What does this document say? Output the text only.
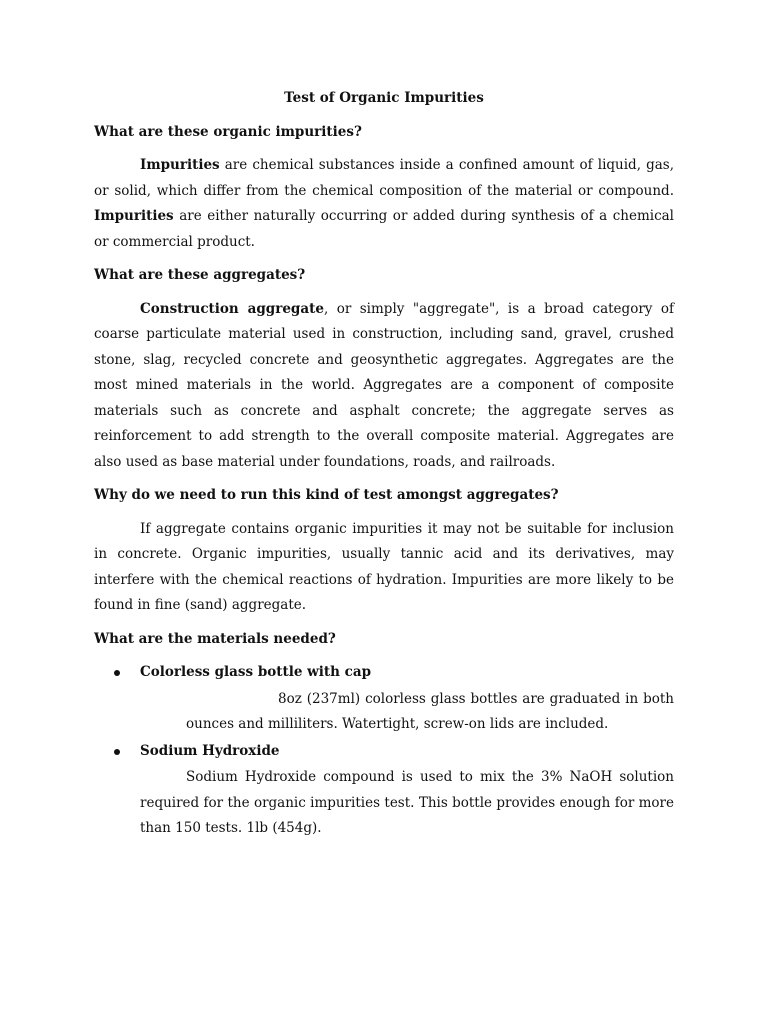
Test of Organic Impurities
What are these organic impurities?

Impurities are chemical substances inside a confined amount of liquid, gas, or solid, which differ from the chemical composition of the material or compound. Impurities are either naturally occurring or added during synthesis of a chemical or commercial product.

What are these aggregates?

Construction aggregate, or simply "aggregate", is a broad category of coarse particulate material used in construction, including sand, gravel, crushed stone, slag, recycled concrete and geosynthetic aggregates. Aggregates are the most mined materials in the world. Aggregates are a component of composite materials such as concrete and asphalt concrete; the aggregate serves as reinforcement to add strength to the overall composite material. Aggregates are also used as base material under foundations, roads, and railroads.

Why do we need to run this kind of test amongst aggregates?

If aggregate contains organic impurities it may not be suitable for inclusion in concrete. Organic impurities, usually tannic acid and its derivatives, may interfere with the chemical reactions of hydration. Impurities are more likely to be found in fine (sand) aggregate.

What are the materials needed?
Colorless glass bottle with cap
8oz (237ml) colorless glass bottles are graduated in both ounces and milliliters. Watertight, screw-on lids are included.
Sodium Hydroxide
Sodium Hydroxide compound is used to mix the 3% NaOH solution required for the organic impurities test. This bottle provides enough for more than 150 tests. 1lb (454g).
